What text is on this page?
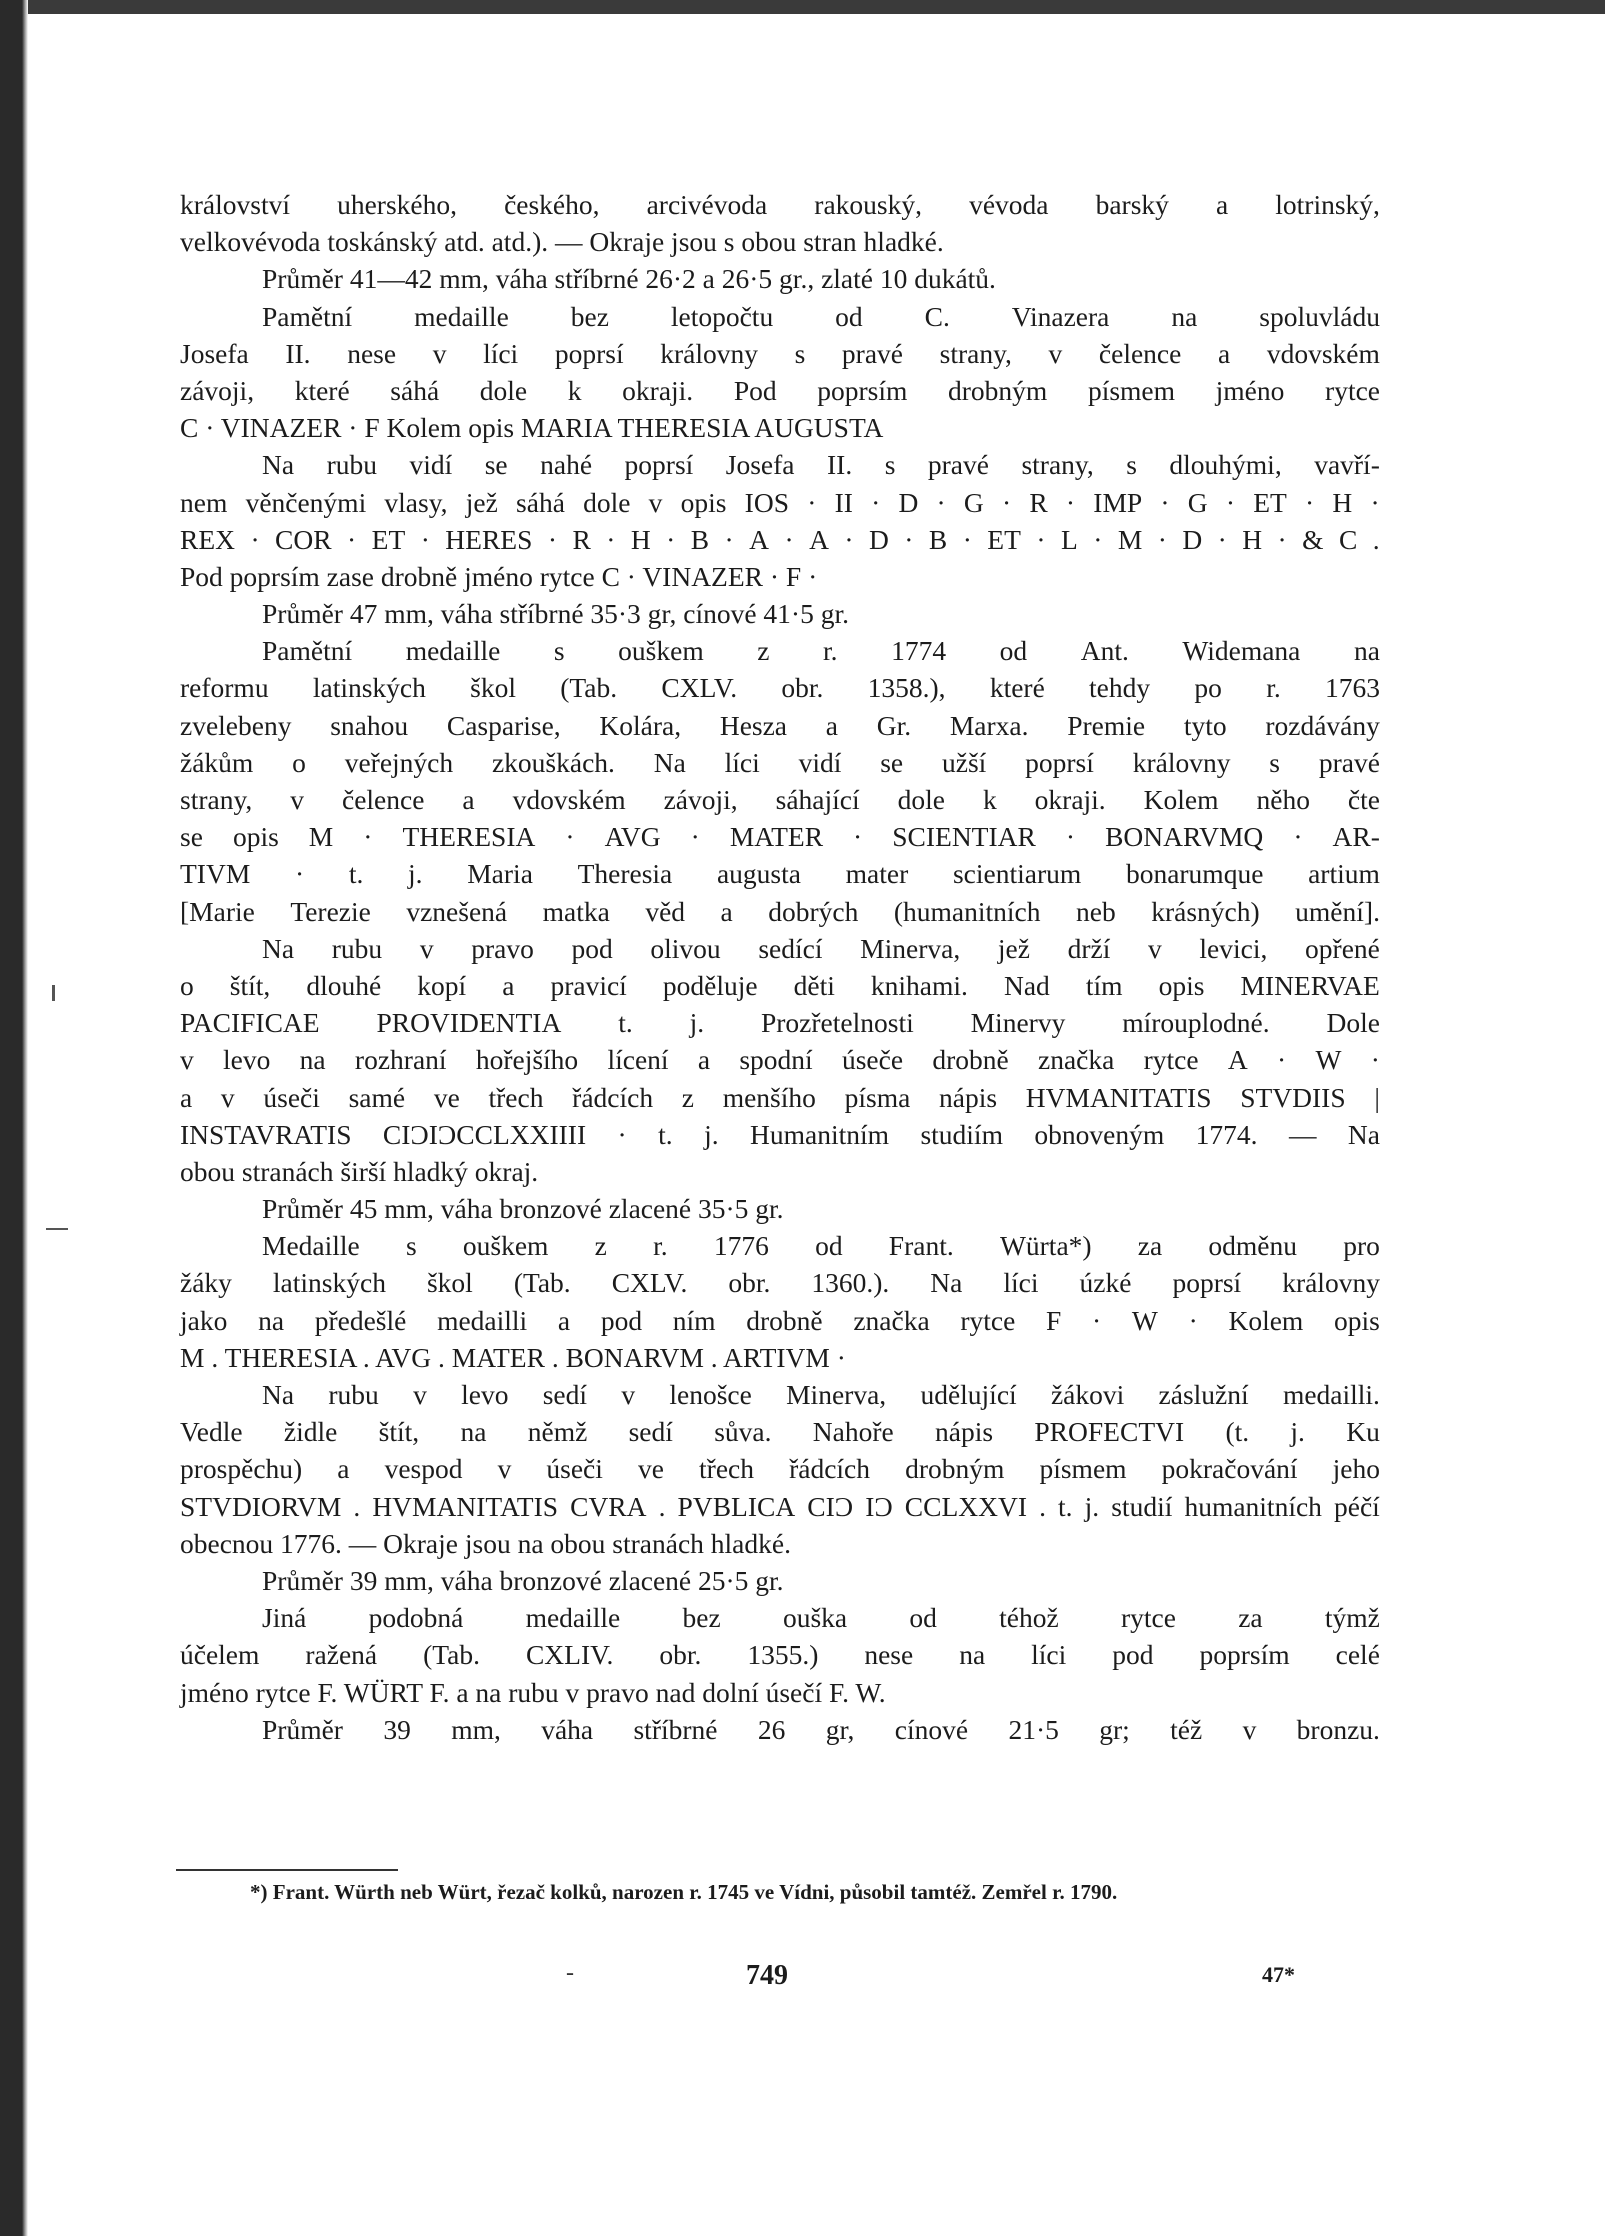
království uherského, českého, arcivévoda rakouský, vévoda barský a lotrinský,
velkovévoda toskánský atd. atd.). — Okraje jsou s obou stran hladké.
Průměr 41—42 mm, váha stříbrné 26·2 a 26·5 gr., zlaté 10 dukátů.
Pamětní medaille bez letopočtu od C. Vinazera na spoluvládu
Josefa II. nese v líci poprsí královny s pravé strany, v čelence a vdovském
závoji, které sáhá dole k okraji. Pod poprsím drobným písmem jméno rytce
C · VINAZER · F Kolem opis MARIA THERESIA AUGUSTA
Na rubu vidí se nahé poprsí Josefa II. s pravé strany, s dlouhými, vavří-
nem věnčenými vlasy, jež sáhá dole v opis IOS · II · D · G · R · IMP · G · ET · H ·
REX · COR · ET · HERES · R · H · B · A · A · D · B · ET · L · M · D · H · & C .
Pod poprsím zase drobně jméno rytce C · VINAZER · F ·
Průměr 47 mm, váha stříbrné 35·3 gr, cínové 41·5 gr.
Pamětní medaille s ouškem z r. 1774 od Ant. Widemana na
reformu latinských škol (Tab. CXLV. obr. 1358.), které tehdy po r. 1763
zvelebeny snahou Casparise, Kolára, Hesza a Gr. Marxa. Premie tyto rozdávány
žákům o veřejných zkouškách. Na líci vidí se užší poprsí královny s pravé
strany, v čelence a vdovském závoji, sáhající dole k okraji. Kolem něho čte
se opis M · THERESIA · AVG · MATER · SCIENTIAR · BONARVMQ · AR-
TIVM · t. j. Maria Theresia augusta mater scientiarum bonarumque artium
[Marie Terezie vznešená matka věd a dobrých (humanitních neb krásných) umění].
Na rubu v pravo pod olivou sedící Minerva, jež drží v levici, opřené
o štít, dlouhé kopí a pravicí poděluje děti knihami. Nad tím opis MINERVAE
PACIFICAE PROVIDENTIA t. j. Prozřetelnosti Minervy mírouplodné. Dole
v levo na rozhraní hořejšího lícení a spodní úseče drobně značka rytce A · W ·
a v úseči samé ve třech řádcích z menšího písma nápis HVMANITATIS STVDIIS |
INSTAVRATIS CIƆIƆCCLXXIIII · t. j. Humanitním studiím obnoveným 1774. — Na
obou stranách širší hladký okraj.
Průměr 45 mm, váha bronzové zlacené 35·5 gr.
Medaille s ouškem z r. 1776 od Frant. Würta*) za odměnu pro
žáky latinských škol (Tab. CXLV. obr. 1360.). Na líci úzké poprsí královny
jako na předešlé medailli a pod ním drobně značka rytce F · W · Kolem opis
M . THERESIA . AVG . MATER . BONARVM . ARTIVM ·
Na rubu v levo sedí v lenošce Minerva, udělující žákovi záslužní medailli.
Vedle židle štít, na němž sedí sůva. Nahoře nápis PROFECTVI (t. j. Ku
prospěchu) a vespod v úseči ve třech řádcích drobným písmem pokračování jeho
STVDIORVM . HVMANITATIS CVRA . PVBLICA CIƆ IƆ CCLXXVI . t. j. studií humanitních péčí
obecnou 1776. — Okraje jsou na obou stranách hladké.
Průměr 39 mm, váha bronzové zlacené 25·5 gr.
Jiná podobná medaille bez ouška od téhož rytce za týmž
účelem ražená (Tab. CXLIV. obr. 1355.) nese na líci pod poprsím celé
jméno rytce F. WÜRT F. a na rubu v pravo nad dolní úsečí F. W.
Průměr 39 mm, váha stříbrné 26 gr, cínové 21·5 gr; též v bronzu.
*) Frant. Würth neb Würt, řezač kolků, narozen r. 1745 ve Vídni, působil tamtéž. Zemřel r. 1790.
-	749	47*
